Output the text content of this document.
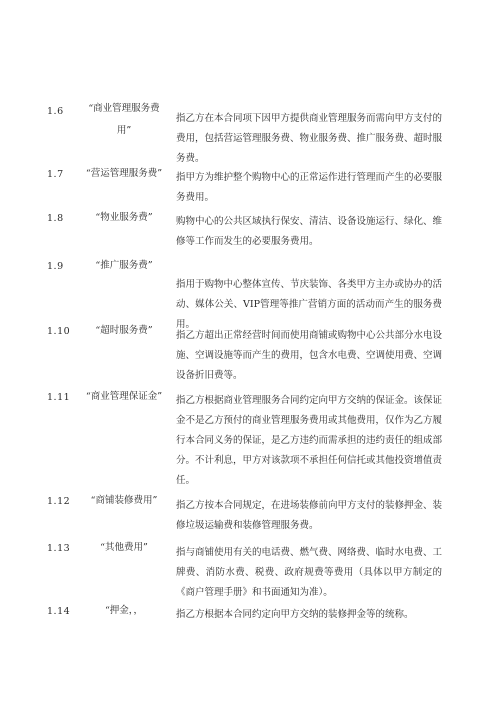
1.6	“商业管理服务费用”
指乙方在本合同项下因甲方提供商业管理服务而需向甲方支付的费用，包括营运管理服务费、物业服务费、推广服务费、超时服务费。
1.7	“营运管理服务费”	指甲方为维护整个购物中心的正常运作进行管理而产生的必要服务费用。
1.8	“物业服务费”	购物中心的公共区域执行保安、清洁、设备设施运行、绿化、维修等工作而发生的必要服务费用。
1.9	“推广服务费”
指用于购物中心整体宣传、节庆装饰、各类甲方主办或协办的活动、媒体公关、VIP管理等推广营销方面的活动而产生的服务费用。
1.10	“超时服务费”	指乙方超出正常经营时间而使用商铺或购物中心公共部分水电设施、空调设施等而产生的费用，包含水电费、空调使用费、空调设备折旧费等。
1.11	“商业管理保证金”	指乙方根据商业管理服务合同约定向甲方交纳的保证金。该保证金不是乙方预付的商业管理服务费用或其他费用，仅作为乙方履行本合同义务的保证，是乙方违约而需承担的违约责任的组成部分。不计利息，甲方对该款项不承担任何信托或其他投资增值责任。
1.12	“商铺装修费用”	指乙方按本合同规定，在进场装修前向甲方支付的装修押金、装修垃圾运输费和装修管理服务费。
1.13	“其他费用”	指与商铺使用有关的电话费、燃气费、网络费、临时水电费、工牌费、消防水费、税费、政府规费等费用（具体以甲方制定的《商户管理手册》和书面通知为准）。
1.14	“押金，，	指乙方根据本合同约定向甲方交纳的装修押金等的统称。
